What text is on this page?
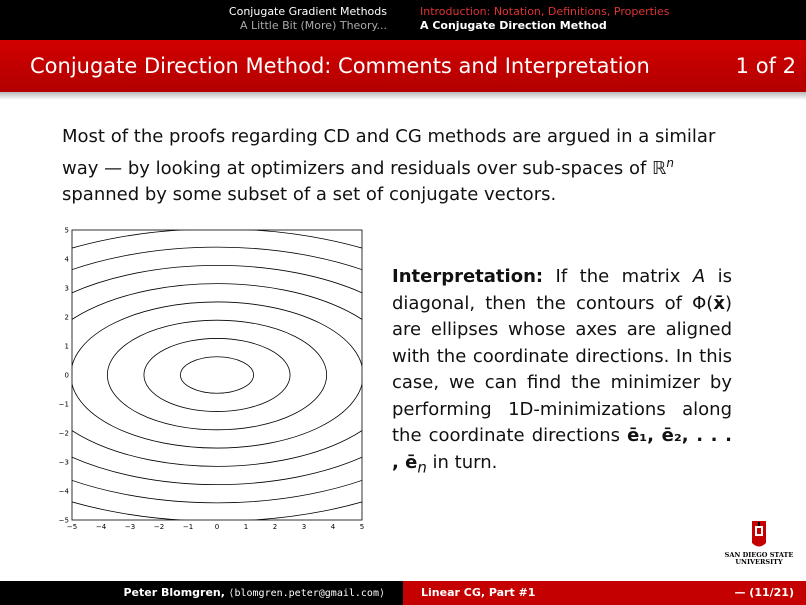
Conjugate Gradient Methods
A Little Bit (More) Theory...
Introduction: Notation, Definitions, Properties
A Conjugate Direction Method
Conjugate Direction Method: Comments and Interpretation	1 of 2
Most of the proofs regarding CD and CG methods are argued in a similar way — by looking at optimizers and residuals over sub-spaces of ℝ$^n$ spanned by some subset of a set of conjugate vectors.
−5	−4	−3	−2	−1	0	1	2	3	4	5
5
4
3
2
1
0
−1
−2
−3
−4
−5
Interpretation: If the matrix A is diagonal, then the contours of Φ(x̄) are ellipses whose axes are aligned with the coordinate directions. In this case, we can find the minimizer by performing 1D-minimizations along the coordinate directions ē₁, ē₂, . . . , $ē_n$ in turn.
SAN DIEGO STATE
UNIVERSITY
Peter Blomgren, ⟨blomgren.peter@gmail.com⟩	Linear CG, Part #1	— (11/21)
